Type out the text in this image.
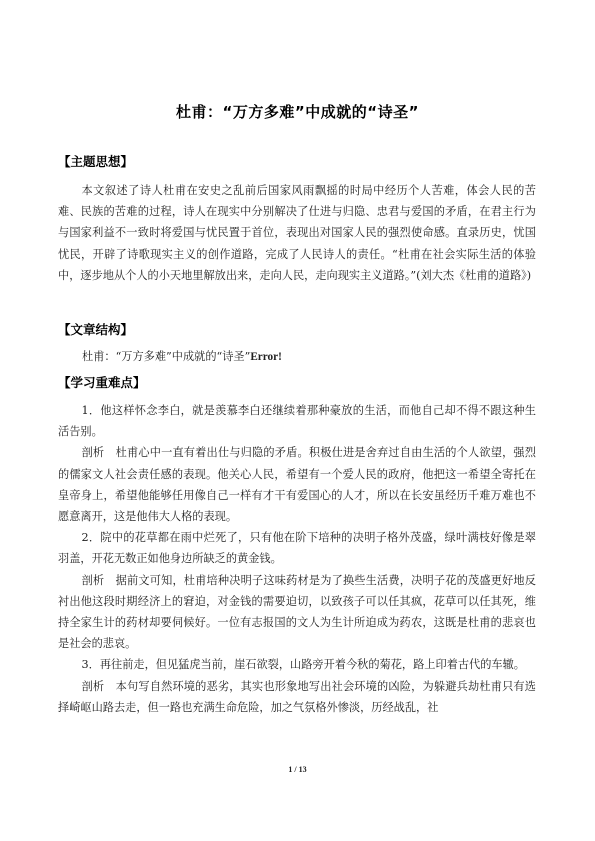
杜甫：“万方多难”中成就的“诗圣”
【主题思想】

本文叙述了诗人杜甫在安史之乱前后国家风雨飘摇的时局中经历个人苦难，体会人民的苦难、民族的苦难的过程，诗人在现实中分别解决了仕进与归隐、忠君与爱国的矛盾，在君主行为与国家利益不一致时将爱国与忧民置于首位，表现出对国家人民的强烈使命感。直录历史，忧国忧民，开辟了诗歌现实主义的创作道路，完成了人民诗人的责任。“杜甫在社会实际生活的体验中，逐步地从个人的小天地里解放出来，走向人民，走向现实主义道路。”(刘大杰《杜甫的道路》)

【文章结构】
杜甫：“万方多难”中成就的“诗圣”Error!
【学习重难点】

1．他这样怀念李白，就是羡慕李白还继续着那种豪放的生活，而他自己却不得不跟这种生活告别。

剖析　杜甫心中一直有着出仕与归隐的矛盾。积极仕进是舍弃过自由生活的个人欲望，强烈的儒家文人社会责任感的表现。他关心人民，希望有一个爱人民的政府，他把这一希望全寄托在皇帝身上，希望他能够任用像自己一样有才干有爱国心的人才，所以在长安虽经历千难万难也不愿意离开，这是他伟大人格的表现。

2．院中的花草都在雨中烂死了，只有他在阶下培种的决明子格外茂盛，绿叶满枝好像是翠羽盖，开花无数正如他身边所缺乏的黄金钱。

剖析　据前文可知，杜甫培种决明子这味药材是为了换些生活费，决明子花的茂盛更好地反衬出他这段时期经济上的窘迫，对金钱的需要迫切，以致孩子可以任其疯，花草可以任其死，维持全家生计的药材却要伺候好。一位有志报国的文人为生计所迫成为药农，这既是杜甫的悲哀也是社会的悲哀。

3．再往前走，但见猛虎当前，崖石欲裂，山路旁开着今秋的菊花，路上印着古代的车辙。

剖析　本句写自然环境的恶劣，其实也形象地写出社会环境的凶险，为躲避兵劫杜甫只有选择崎岖山路去走，但一路也充满生命危险，加之气氛格外惨淡，历经战乱，社

1 / 13
